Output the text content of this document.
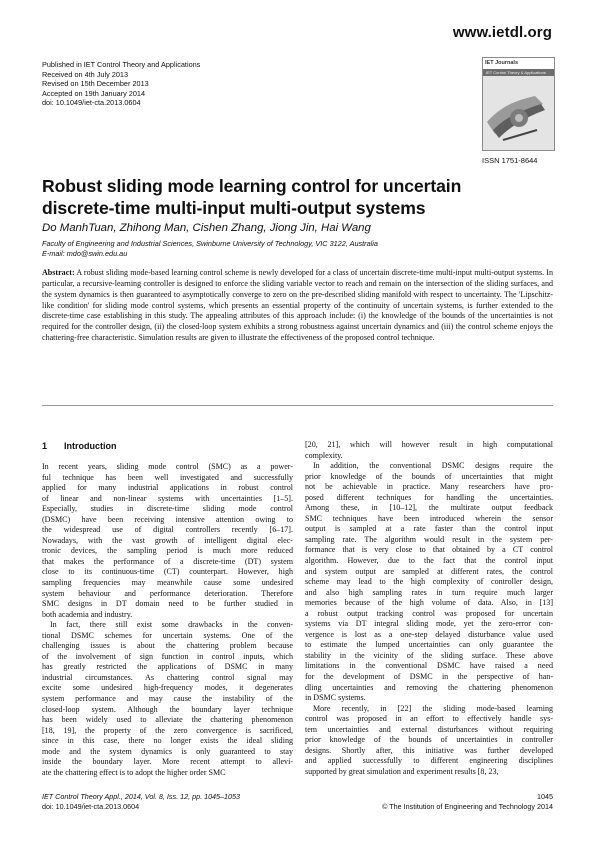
www.ietdl.org
Published in IET Control Theory and Applications
Received on 4th July 2013
Revised on 15th December 2013
Accepted on 19th January 2014
doi: 10.1049/iet-cta.2013.0604
IET Journals
IET Control Theory & Applications
ISSN 1751-8644
Robust sliding mode learning control for uncertain
discrete-time multi-input multi-output systems
Do ManhTuan, Zhihong Man, Cishen Zhang, Jiong Jin, Hai Wang
Faculty of Engineering and Industrial Sciences, Swinburne University of Technology, VIC 3122, Australia
E-mail: mdo@swin.edu.au
Abstract: A robust sliding mode-based learning control scheme is newly developed for a class of uncertain discrete-time multi-input multi-output systems. In particular, a recursive-learning controller is designed to enforce the sliding variable vector to reach and remain on the intersection of the sliding surfaces, and the system dynamics is then guaranteed to asymptotically converge to zero on the pre-described sliding manifold with respect to uncertainty. The 'Lipschitz-like condition' for sliding mode control systems, which presents an essential property of the continuity of uncertain systems, is further extended to the discrete-time case establishing in this study. The appealing attributes of this approach include: (i) the knowledge of the bounds of the uncertainties is not required for the controller design, (ii) the closed-loop system exhibits a strong robustness against uncertain dynamics and (iii) the control scheme enjoys the chattering-free characteristic. Simulation results are given to illustrate the effectiveness of the proposed control technique.
1 Introduction

In recent years, sliding mode control (SMC) as a power-
ful technique has been well investigated and successfully
applied for many industrial applications in robust control
of linear and non-linear systems with uncertainties [1–5].
Especially, studies in discrete-time sliding mode control
(DSMC) have been receiving intensive attention owing to
the widespread use of digital controllers recently [6–17].
Nowadays, with the vast growth of intelligent digital elec-
tronic devices, the sampling period is much more reduced
that makes the performance of a discrete-time (DT) system
close to its continuous-time (CT) counterpart. However, high
sampling frequencies may meanwhile cause some undesired
system behaviour and performance deterioration. Therefore
SMC designs in DT domain need to be further studied in
both academia and industry.

In fact, there still exist some drawbacks in the conven-
tional DSMC schemes for uncertain systems. One of the
challenging issues is about the chattering problem because
of the involvement of sign function in control inputs, which
has greatly restricted the applications of DSMC in many
industrial circumstances. As chattering control signal may
excite some undesired high-frequency modes, it degenerates
system performance and may cause the instability of the
closed-loop system. Although the boundary layer technique
has been widely used to alleviate the chattering phenomenon
[18, 19], the property of the zero convergence is sacrificed,
since in this case, there no longer exists the ideal sliding
mode and the system dynamics is only guaranteed to stay
inside the boundary layer. More recent attempt to allevi-
ate the chattering effect is to adopt the higher order SMC

[20, 21], which will however result in high computational
complexity.

In addition, the conventional DSMC designs require the
prior knowledge of the bounds of uncertainties that might
not be achievable in practice. Many researchers have pro-
posed different techniques for handling the uncertainties.
Among these, in [10–12], the multirate output feedback
SMC techniques have been introduced wherein the sensor
output is sampled at a rate faster than the control input
sampling rate. The algorithm would result in the system per-
formance that is very close to that obtained by a CT control
algorithm. However, due to the fact that the control input
and system output are sampled at different rates, the control
scheme may lead to the high complexity of controller design,
and also high sampling rates in turn require much larger
memories because of the high volume of data. Also, in [13]
a robust output tracking control was proposed for uncertain
systems via DT integral sliding mode, yet the zero-error con-
vergence is lost as a one-step delayed disturbance value used
to estimate the lumped uncertainties can only guarantee the
stability in the vicinity of the sliding surface. These above
limitations in the conventional DSMC have raised a need
for the development of DSMC in the perspective of han-
dling uncertainties and removing the chattering phenomenon
in DSMC systems.

More recently, in [22] the sliding mode-based learning
control was proposed in an effort to effectively handle sys-
tem uncertainties and external disturbances without requiring
prior knowledge of the bounds of uncertainties in controller
designs. Shortly after, this initiative was further developed
and applied successfully to different engineering disciplines
supported by great simulation and experiment results [8, 23,

IET Control Theory Appl., 2014, Vol. 8, Iss. 12, pp. 1045–1053
doi: 10.1049/iet-cta.2013.0604
1045
© The Institution of Engineering and Technology 2014
